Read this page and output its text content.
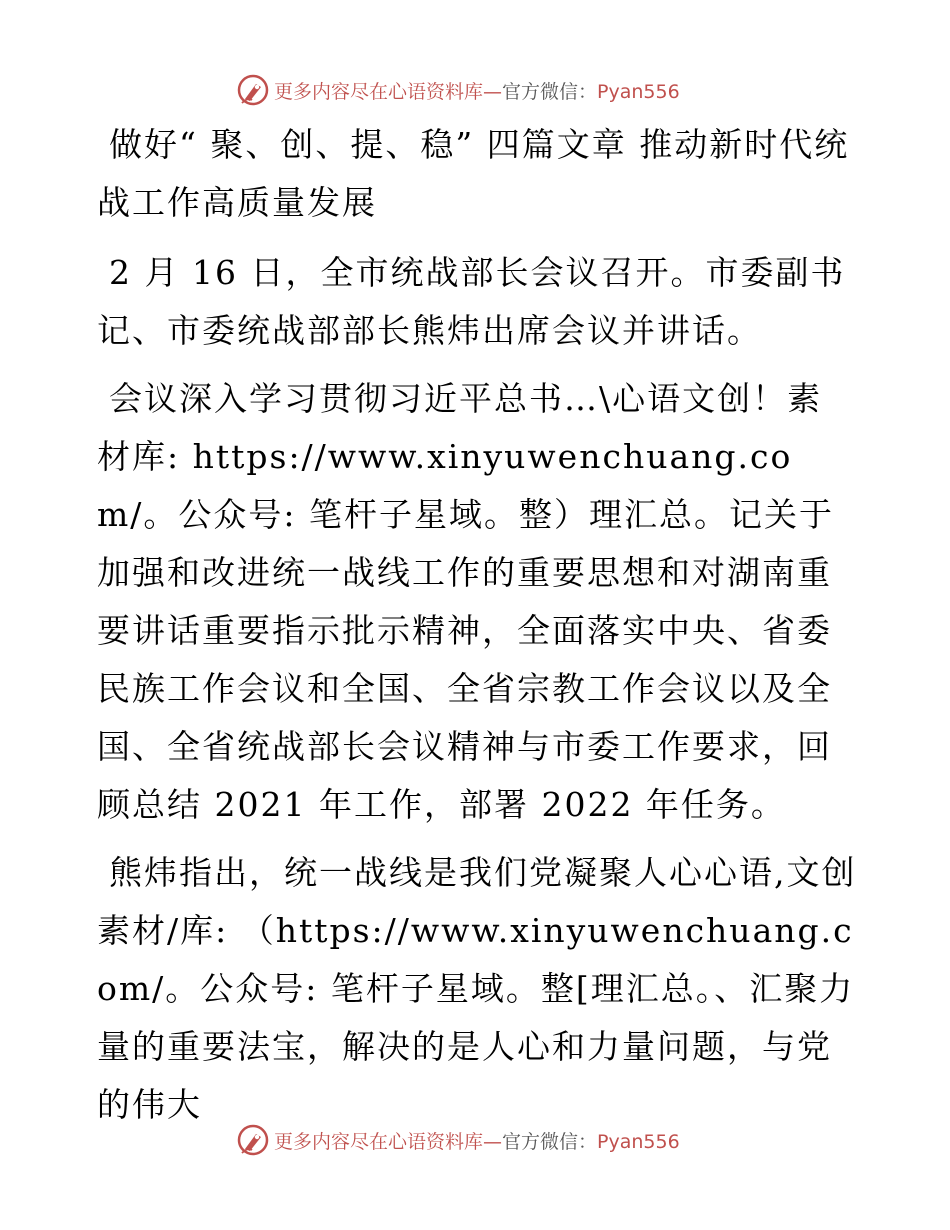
更多内容尽在心语资料库—官方微信：Pyan556

做好“ 聚、创、提、稳” 四篇文章 推动新时代统战工作高质量发展

2 月 16 日，全市统战部长会议召开。市委副书记、市委统战部部长熊炜出席会议并讲话。

会议深入学习贯彻习近平总书…\心语文创！素材库: https://www.xinyuwenchuang.com/。公众号: 笔杆子星域。整）理汇总。记关于加强和改进统一战线工作的重要思想和对湖南重要讲话重要指示批示精神，全面落实中央、省委民族工作会议和全国、全省宗教工作会议以及全国、全省统战部长会议精神与市委工作要求，回顾总结 2021 年工作，部署 2022 年任务。

熊炜指出，统一战线是我们党凝聚人心心语,文创素材/库: （https://www.xinyuwenchuang.com/。公众号: 笔杆子星域。整[理汇总。、汇聚力量的重要法宝，解决的是人心和力量问题，与党的伟大

更多内容尽在心语资料库—官方微信：Pyan556
